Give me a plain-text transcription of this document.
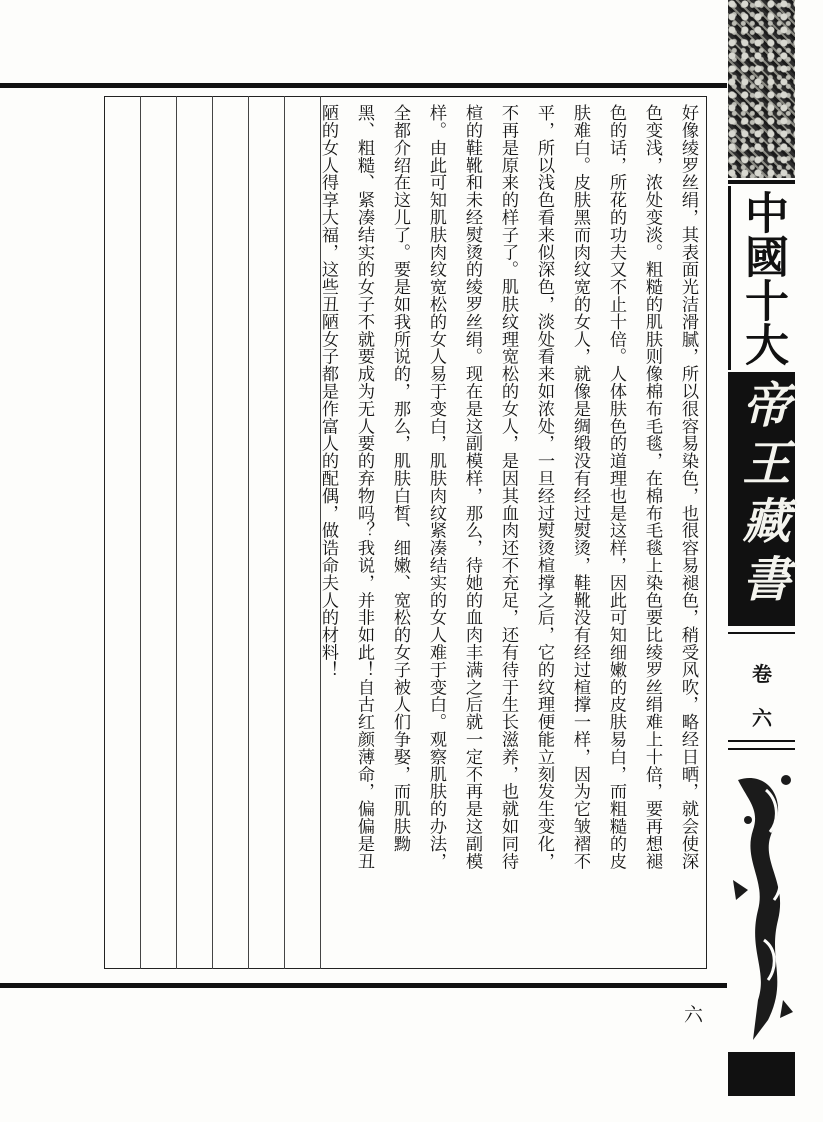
好像绫罗丝绢，其表面光洁滑腻，所以很容易染色，也很容易褪色，稍受风吹，略经日晒，就会使深
色变浅，浓处变淡。粗糙的肌肤则像棉布毛毯，在棉布毛毯上染色要比绫罗丝绢难上十倍，要再想褪
色的话，所花的功夫又不止十倍。人体肤色的道理也是这样，因此可知细嫩的皮肤易白，而粗糙的皮
肤难白。皮肤黑而肉纹宽的女人，就像是绸缎没有经过熨烫，鞋靴没有经过楦撑一样，因为它皱褶不
平，所以浅色看来似深色，淡处看来如浓处，一旦经过熨烫楦撑之后，它的纹理便能立刻发生变化，
不再是原来的样子了。肌肤纹理宽松的女人，是因其血肉还不充足，还有待于生长滋养，也就如同待
楦的鞋靴和未经熨烫的绫罗丝绢。现在是这副模样，那么，待她的血肉丰满之后就一定不再是这副模
样。由此可知肌肤肉纹宽松的女人易于变白，肌肤肉纹紧凑结实的女人难于变白。观察肌肤的办法，
全都介绍在这儿了。要是如我所说的，那么，肌肤白皙、细嫩、宽松的女子被人们争娶，而肌肤黝
黑、粗糙、紧凑结实的女子不就要成为无人要的弃物吗？我说，并非如此！自古红颜薄命，偏偏是丑
陋的女人得享大福，这些丑陋女子都是作富人的配偶，做诰命夫人的材料！
六
中國十大
帝王藏書
卷
六
